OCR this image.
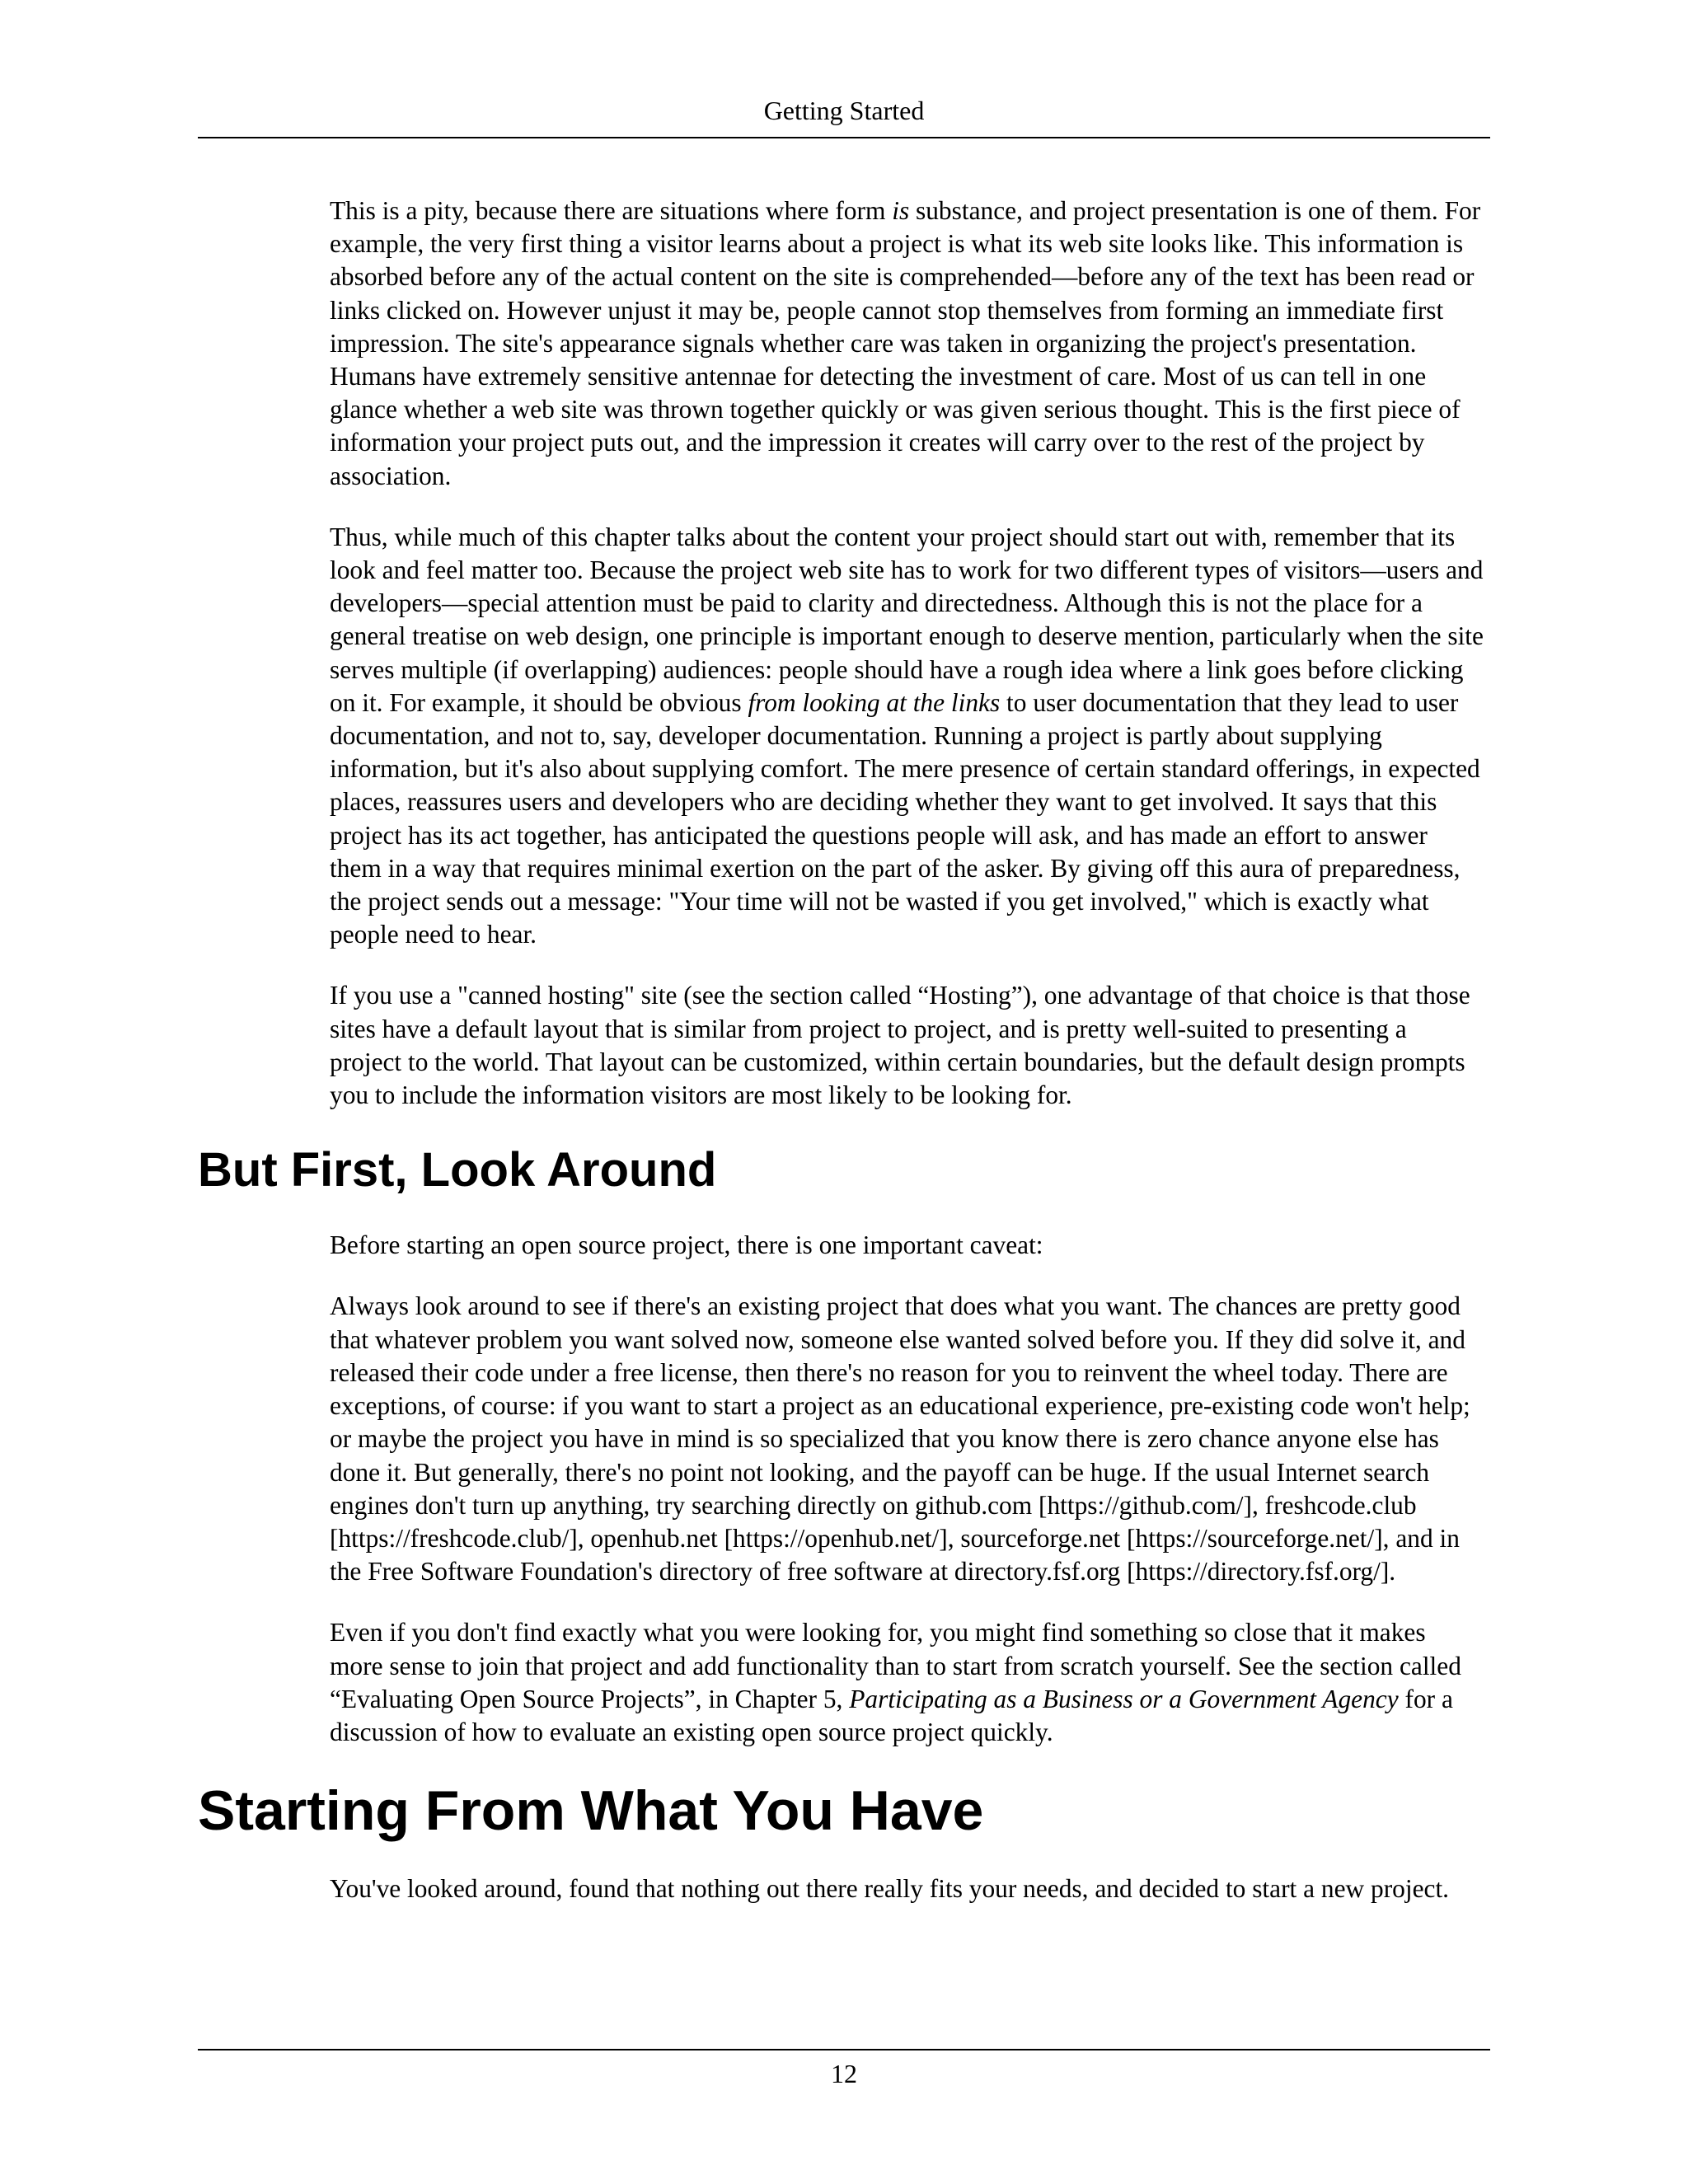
Getting Started

This is a pity, because there are situations where form is substance, and project presentation is one of them. For example, the very first thing a visitor learns about a project is what its web site looks like. This information is absorbed before any of the actual content on the site is comprehended—before any of the text has been read or links clicked on. However unjust it may be, people cannot stop themselves from forming an immediate first impression. The site's appearance signals whether care was taken in organizing the project's presentation. Humans have extremely sensitive antennae for detecting the investment of care. Most of us can tell in one glance whether a web site was thrown together quickly or was given serious thought. This is the first piece of information your project puts out, and the impression it creates will carry over to the rest of the project by association.

Thus, while much of this chapter talks about the content your project should start out with, remember that its look and feel matter too. Because the project web site has to work for two different types of visitors—users and developers—special attention must be paid to clarity and directedness. Although this is not the place for a general treatise on web design, one principle is important enough to deserve mention, particularly when the site serves multiple (if overlapping) audiences: people should have a rough idea where a link goes before clicking on it. For example, it should be obvious from looking at the links to user documentation that they lead to user documentation, and not to, say, developer documentation. Running a project is partly about supplying information, but it's also about supplying comfort. The mere presence of certain standard offerings, in expected places, reassures users and developers who are deciding whether they want to get involved. It says that this project has its act together, has anticipated the questions people will ask, and has made an effort to answer them in a way that requires minimal exertion on the part of the asker. By giving off this aura of preparedness, the project sends out a message: "Your time will not be wasted if you get involved," which is exactly what people need to hear.

If you use a "canned hosting" site (see the section called “Hosting”), one advantage of that choice is that those sites have a default layout that is similar from project to project, and is pretty well-suited to presenting a project to the world. That layout can be customized, within certain boundaries, but the default design prompts you to include the information visitors are most likely to be looking for.

But First, Look Around

Before starting an open source project, there is one important caveat:

Always look around to see if there's an existing project that does what you want. The chances are pretty good that whatever problem you want solved now, someone else wanted solved before you. If they did solve it, and released their code under a free license, then there's no reason for you to reinvent the wheel today. There are exceptions, of course: if you want to start a project as an educational experience, pre-existing code won't help; or maybe the project you have in mind is so specialized that you know there is zero chance anyone else has done it. But generally, there's no point not looking, and the payoff can be huge. If the usual Internet search engines don't turn up anything, try searching directly on github.com [https://github.com/], freshcode.club [https://freshcode.club/], openhub.net [https://openhub.net/], sourceforge.net [https://sourceforge.net/], and in the Free Software Foundation's directory of free software at directory.fsf.org [https://directory.fsf.org/].

Even if you don't find exactly what you were looking for, you might find something so close that it makes more sense to join that project and add functionality than to start from scratch yourself. See the section called “Evaluating Open Source Projects”, in Chapter 5, Participating as a Business or a Government Agency for a discussion of how to evaluate an existing open source project quickly.

Starting From What You Have

You've looked around, found that nothing out there really fits your needs, and decided to start a new project.

12
